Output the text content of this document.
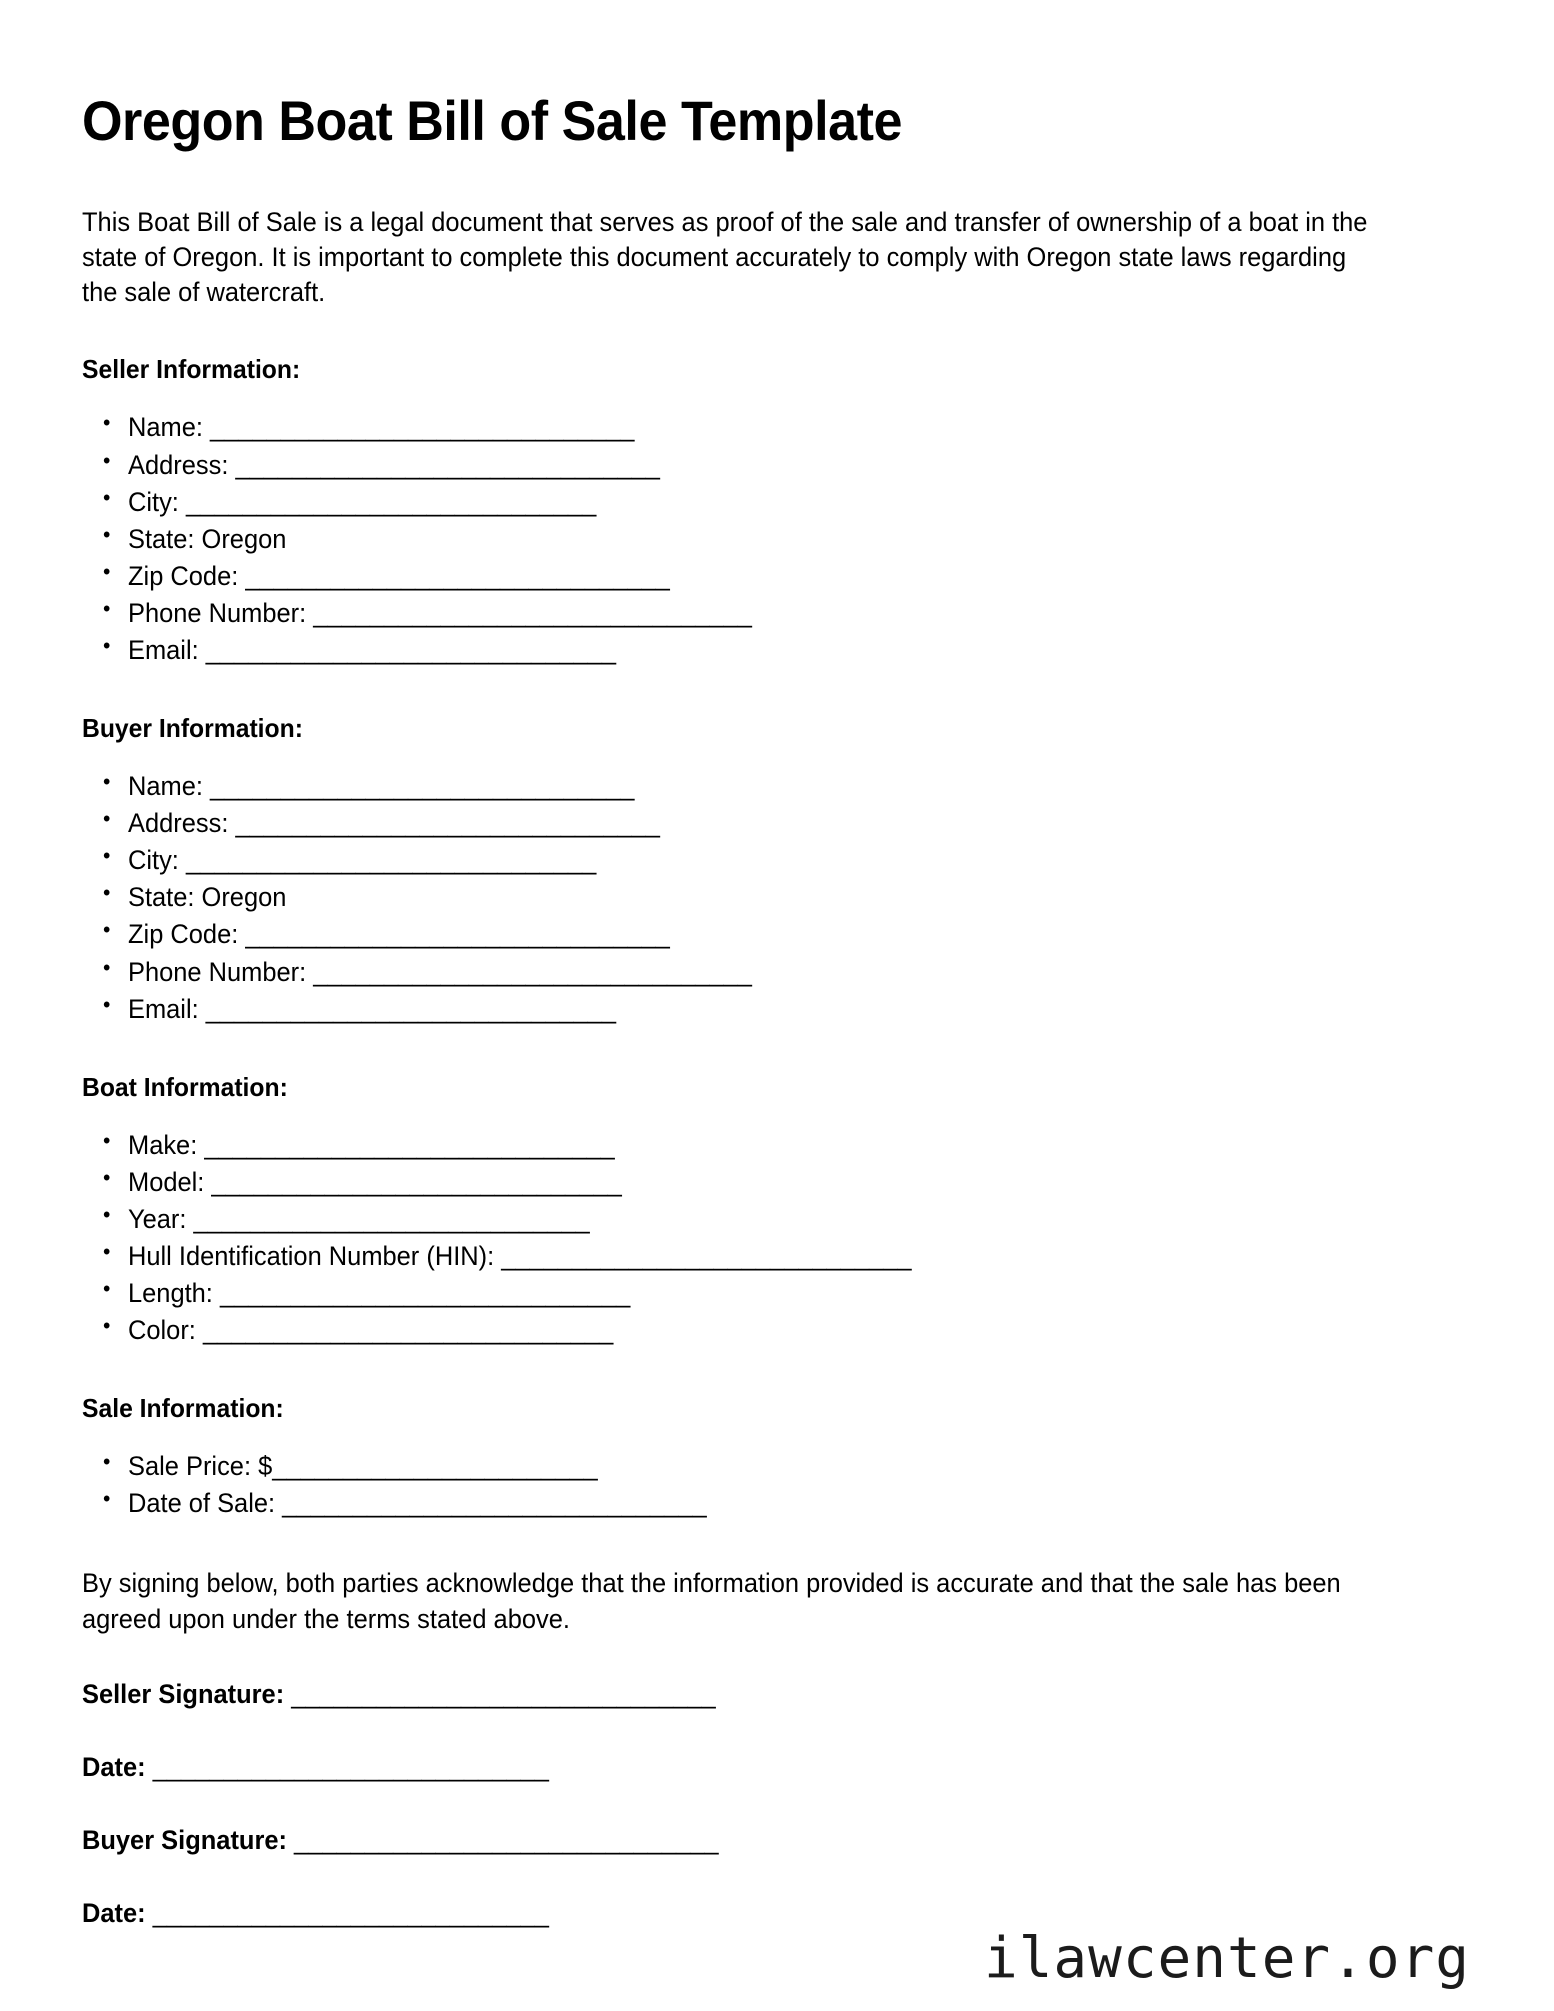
Oregon Boat Bill of Sale Template

This Boat Bill of Sale is a legal document that serves as proof of the sale and transfer of ownership of a boat in the state of Oregon. It is important to complete this document accurately to comply with Oregon state laws regarding the sale of watercraft.

Seller Information:
• Name: ______________________________
• Address: ______________________________
• City: _____________________________
• State: Oregon
• Zip Code: ______________________________
• Phone Number: _______________________________
• Email: _____________________________
Buyer Information:
• Name: ______________________________
• Address: ______________________________
• City: _____________________________
• State: Oregon
• Zip Code: ______________________________
• Phone Number: _______________________________
• Email: _____________________________
Boat Information:
• Make: _____________________________
• Model: _____________________________
• Year: ____________________________
• Hull Identification Number (HIN): _____________________________
• Length: _____________________________
• Color: _____________________________
Sale Information:
• Sale Price: $_______________________
• Date of Sale: ______________________________

By signing below, both parties acknowledge that the information provided is accurate and that the sale has been agreed upon under the terms stated above.

Seller Signature: ______________________________
Date: ____________________________
Buyer Signature: ______________________________
Date: ____________________________
ilawcenter.org
